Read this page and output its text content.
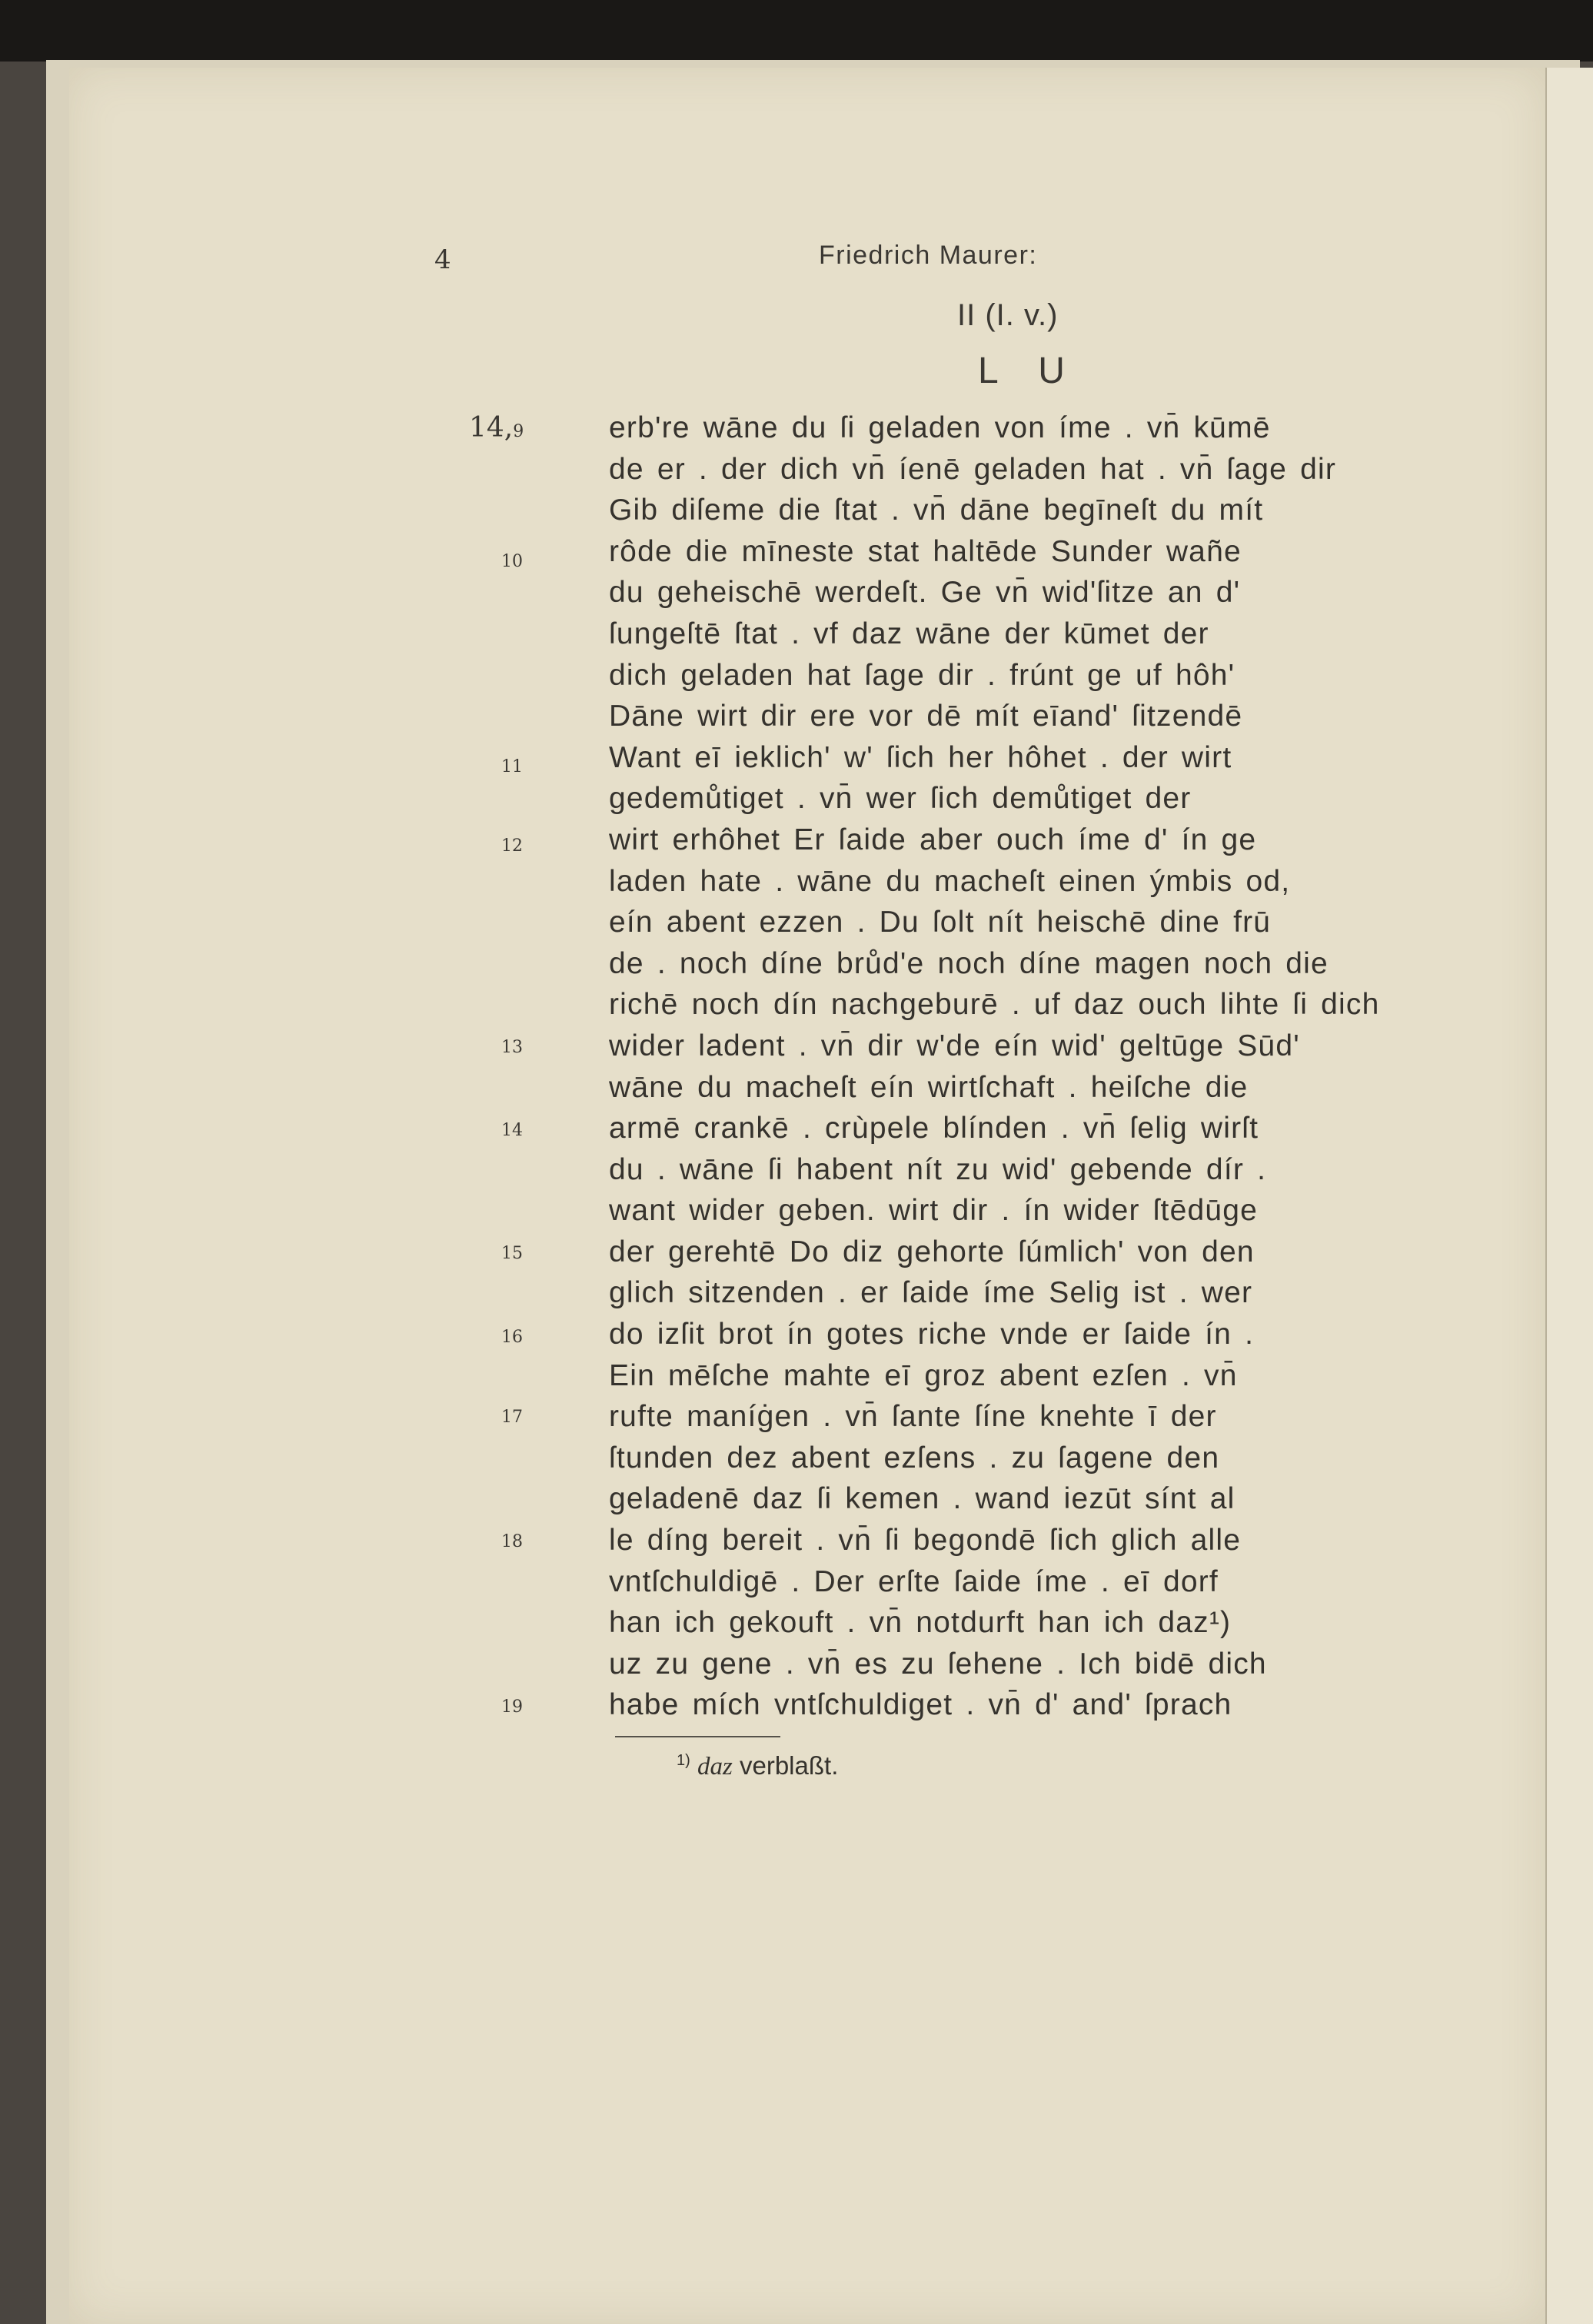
4	Friedrich Maurer:
II (I. v.)
L U
14,9
10
11
12
13
14
15
16
17
18
19
erb're wāne du ſi geladen von íme . vn̄ kūmē
de er . der dich vn̄ íenē geladen hat . vn̄ ſage dir
Gib diſeme die ſtat . vn̄ dāne begīneſt du mít
rôde die mīneste stat haltēde Sunder wañe
du geheischē werdeſt. Ge vn̄ wid'ſitze an d'
ſungeſtē ſtat . vf daz wāne der kūmet der
dich geladen hat ſage dir . frúnt ge uf hôh'
Dāne wirt dir ere vor dē mít eīand' ſitzendē
Want eī ieklich' w' ſich her hôhet . der wirt
gedemůtiget . vn̄ wer ſich demůtiget der
wirt erhôhet Er ſaide aber ouch íme d' ín ge
laden hate . wāne du macheſt einen ýmbis od,
eín abent ezzen . Du ſolt nít heischē dine frū
de . noch díne brůd'e noch díne magen noch die
richē noch dín nachgeburē . uf daz ouch lihte ſi dich
wider ladent . vn̄ dir w'de eín wid' geltūge Sūd'
wāne du macheſt eín wirtſchaft . heiſche die
armē crankē . crùpele blínden . vn̄ ſelig wirſt
du . wāne ſi habent nít zu wid' gebende dír .
want wider geben. wirt dir . ín wider ſtēdūge
der gerehtē Do diz gehorte ſúmlich' von den
glich sitzenden . er ſaide íme Selig ist . wer
do izſit brot ín gotes riche vnde er ſaide ín .
Ein mēſche mahte eī groz abent ezſen . vn̄
rufte maníġen . vn̄ ſante ſíne knehte ī der
ſtunden dez abent ezſens . zu ſagene den
geladenē daz ſi kemen . wand iezūt sínt al
le díng bereit . vn̄ ſi begondē ſich glich alle
vntſchuldigē . Der erſte ſaide íme . eī dorf
han ich gekouft . vn̄ notdurft han ich daz¹)
uz zu gene . vn̄ es zu ſehene . Ich bidē dich
habe mích vntſchuldiget . vn̄ d' and' ſprach
$^{1)}$ daz verblaßt.
